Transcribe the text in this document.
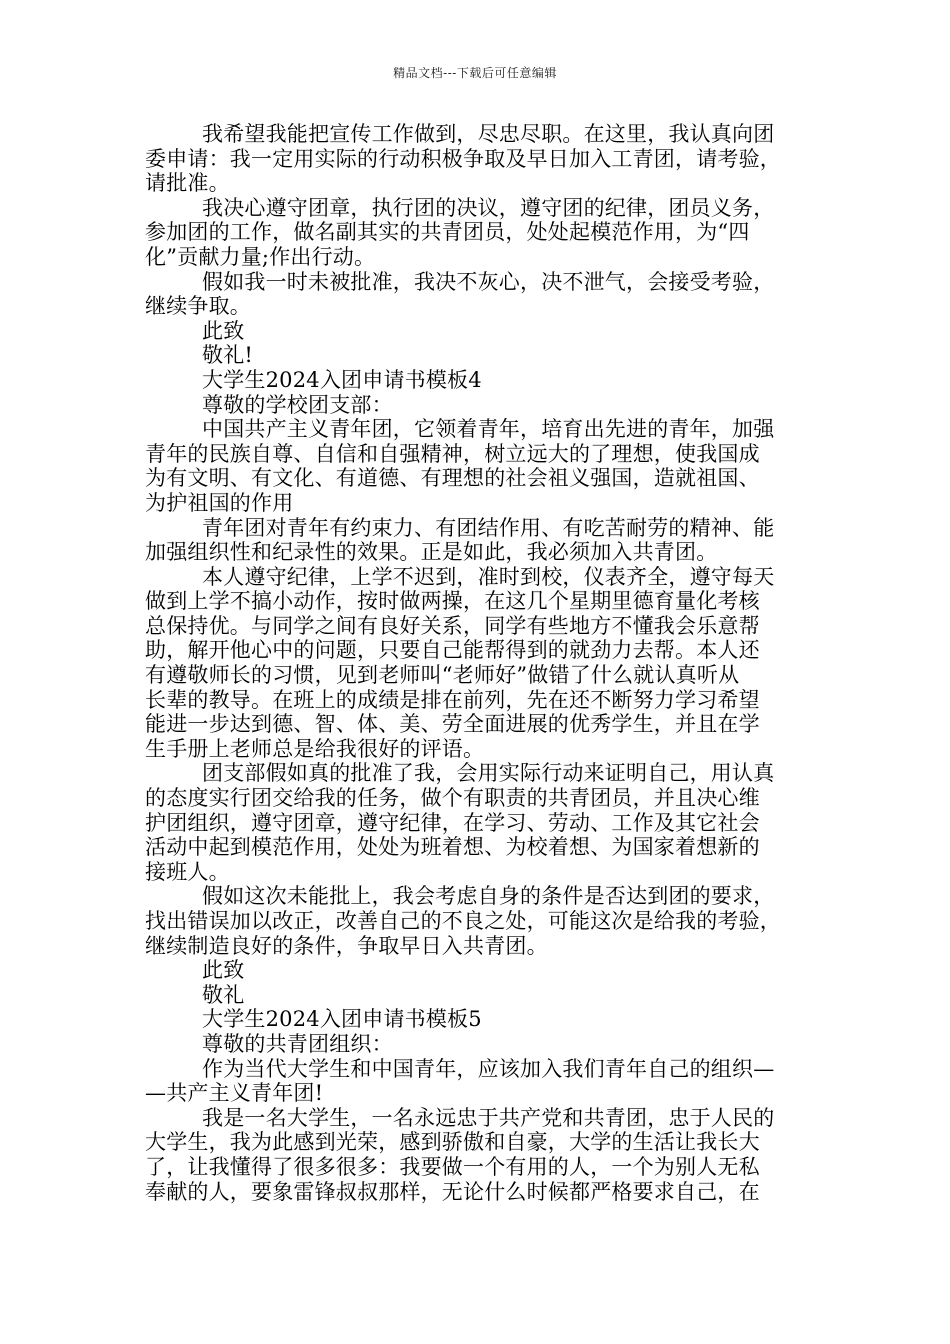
精品文档---下载后可任意编辑
我希望我能把宣传工作做到，尽忠尽职。在这里，我认真向团
委申请：我一定用实际的行动积极争取及早日加入工青团，请考验，
请批准。
我决心遵守团章，执行团的决议，遵守团的纪律，团员义务，
参加团的工作，做名副其实的共青团员，处处起模范作用，为“四
化”贡献力量;作出行动。
假如我一时未被批准，我决不灰心，决不泄气，会接受考验，
继续争取。
此致
敬礼!
大学生2024入团申请书模板4
尊敬的学校团支部：
中国共产主义青年团，它领着青年，培育出先进的青年，加强
青年的民族自尊、自信和自强精神，树立远大的了理想，使我国成
为有文明、有文化、有道德、有理想的社会祖义强国，造就祖国、
为护祖国的作用
青年团对青年有约束力、有团结作用、有吃苦耐劳的精神、能
加强组织性和纪录性的效果。正是如此，我必须加入共青团。
本人遵守纪律，上学不迟到，准时到校，仪表齐全，遵守每天
做到上学不搞小动作，按时做两操，在这几个星期里德育量化考核
总保持优。与同学之间有良好关系，同学有些地方不懂我会乐意帮
助，解开他心中的问题，只要自己能帮得到的就劲力去帮。本人还
有遵敬师长的习惯，见到老师叫“老师好”做错了什么就认真听从
长辈的教导。在班上的成绩是排在前列，先在还不断努力学习希望
能进一步达到德、智、体、美、劳全面进展的优秀学生，并且在学
生手册上老师总是给我很好的评语。
团支部假如真的批准了我，会用实际行动来证明自己，用认真
的态度实行团交给我的任务，做个有职责的共青团员，并且决心维
护团组织，遵守团章，遵守纪律，在学习、劳动、工作及其它社会
活动中起到模范作用，处处为班着想、为校着想、为国家着想新的
接班人。
假如这次未能批上，我会考虑自身的条件是否达到团的要求，
找出错误加以改正，改善自己的不良之处，可能这次是给我的考验，
继续制造良好的条件，争取早日入共青团。
此致
敬礼
大学生2024入团申请书模板5
尊敬的共青团组织：
作为当代大学生和中国青年，应该加入我们青年自己的组织—
—共产主义青年团!
我是一名大学生，一名永远忠于共产党和共青团，忠于人民的
大学生，我为此感到光荣，感到骄傲和自豪，大学的生活让我长大
了，让我懂得了很多很多：我要做一个有用的人，一个为别人无私
奉献的人，要象雷锋叔叔那样，无论什么时候都严格要求自己，在
